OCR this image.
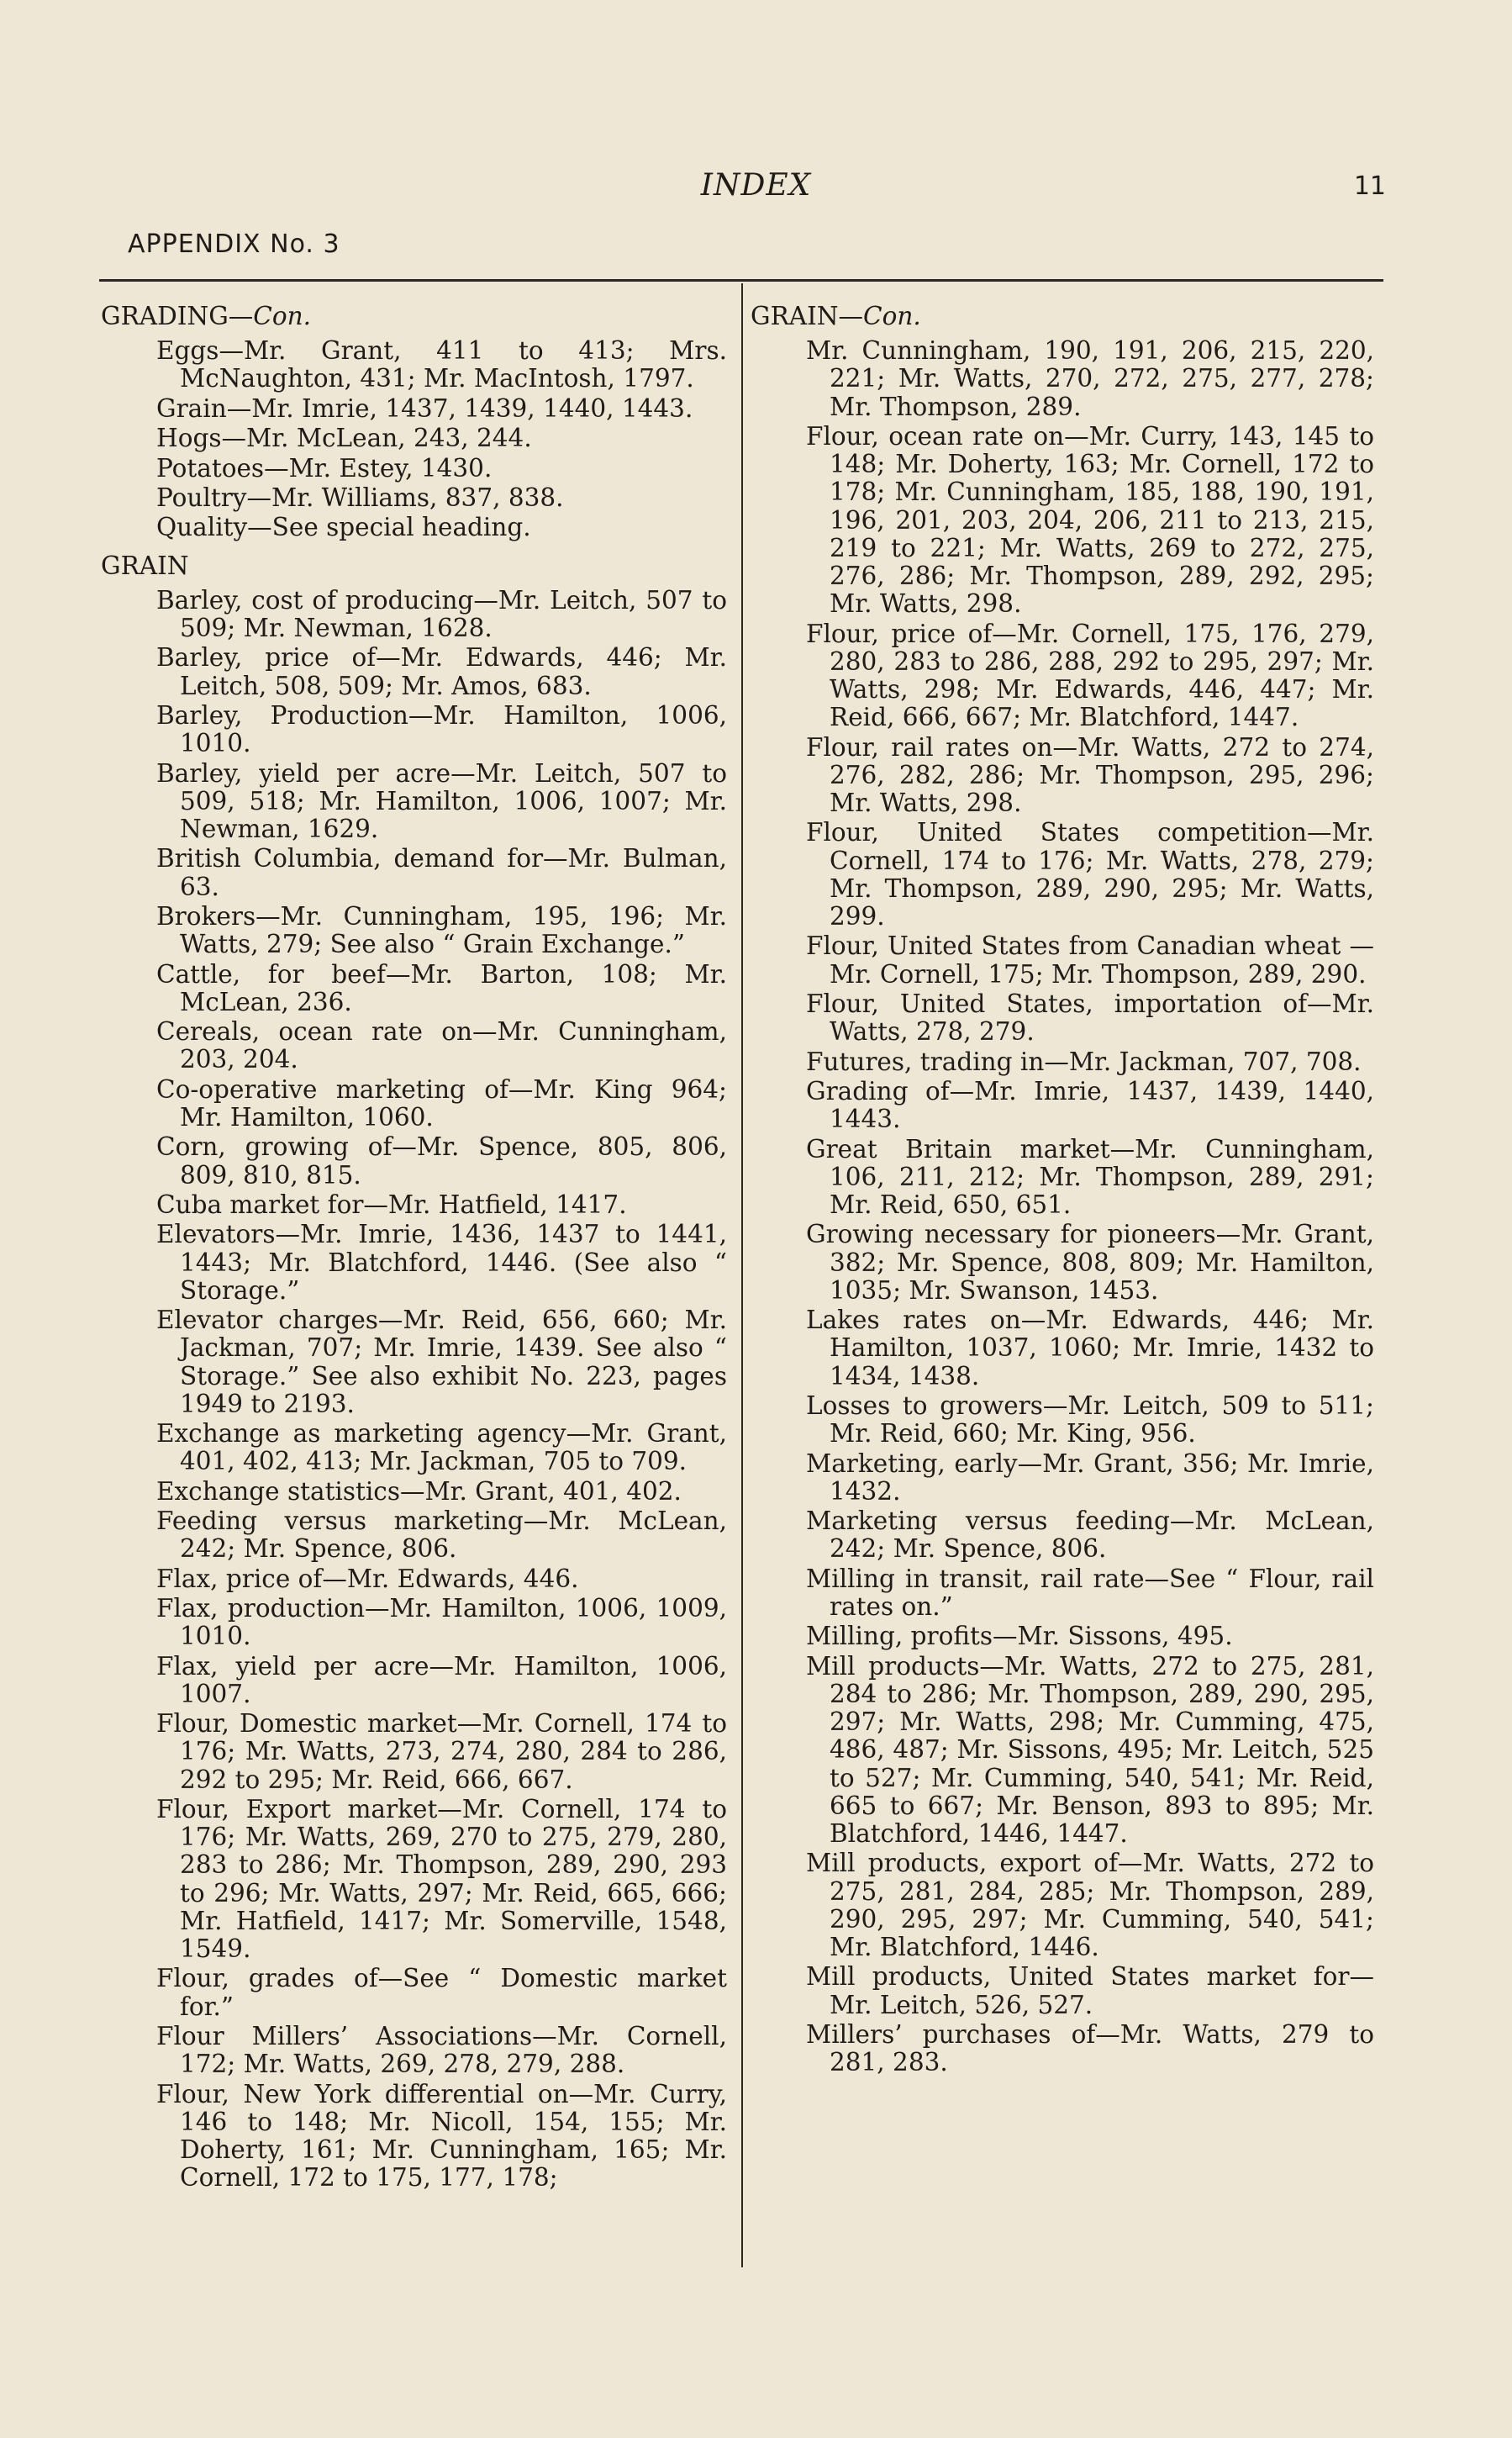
INDEX	11
APPENDIX No. 3
GRADING—Con.

Eggs—Mr. Grant, 411 to 413; Mrs. McNaughton, 431; Mr. MacIntosh, 1797.

Grain—Mr. Imrie, 1437, 1439, 1440, 1443.

Hogs—Mr. McLean, 243, 244.

Potatoes—Mr. Estey, 1430.

Poultry—Mr. Williams, 837, 838.

Quality—See special heading.

GRAIN

Barley, cost of producing—Mr. Leitch, 507 to 509; Mr. Newman, 1628.

Barley, price of—Mr. Edwards, 446; Mr. Leitch, 508, 509; Mr. Amos, 683.

Barley, Production—Mr. Hamilton, 1006, 1010.

Barley, yield per acre—Mr. Leitch, 507 to 509, 518; Mr. Hamilton, 1006, 1007; Mr. Newman, 1629.

British Columbia, demand for—Mr. Bulman, 63.

Brokers—Mr. Cunningham, 195, 196; Mr. Watts, 279; See also “ Grain Exchange.”

Cattle, for beef—Mr. Barton, 108; Mr. McLean, 236.

Cereals, ocean rate on—Mr. Cunningham, 203, 204.

Co-operative marketing of—Mr. King 964; Mr. Hamilton, 1060.

Corn, growing of—Mr. Spence, 805, 806, 809, 810, 815.

Cuba market for—Mr. Hatfield, 1417.

Elevators—Mr. Imrie, 1436, 1437 to 1441, 1443; Mr. Blatchford, 1446. (See also “ Storage.”

Elevator charges—Mr. Reid, 656, 660; Mr. Jackman, 707; Mr. Imrie, 1439. See also “ Storage.” See also exhibit No. 223, pages 1949 to 2193.

Exchange as marketing agency—Mr. Grant, 401, 402, 413; Mr. Jackman, 705 to 709.

Exchange statistics—Mr. Grant, 401, 402.

Feeding versus marketing—Mr. McLean, 242; Mr. Spence, 806.

Flax, price of—Mr. Edwards, 446.

Flax, production—Mr. Hamilton, 1006, 1009, 1010.

Flax, yield per acre—Mr. Hamilton, 1006, 1007.

Flour, Domestic market—Mr. Cornell, 174 to 176; Mr. Watts, 273, 274, 280, 284 to 286, 292 to 295; Mr. Reid, 666, 667.

Flour, Export market—Mr. Cornell, 174 to 176; Mr. Watts, 269, 270 to 275, 279, 280, 283 to 286; Mr. Thompson, 289, 290, 293 to 296; Mr. Watts, 297; Mr. Reid, 665, 666; Mr. Hatfield, 1417; Mr. Somerville, 1548, 1549.

Flour, grades of—See “ Domestic market for.”

Flour Millers’ Associations—Mr. Cornell, 172; Mr. Watts, 269, 278, 279, 288.

Flour, New York differential on—Mr. Curry, 146 to 148; Mr. Nicoll, 154, 155; Mr. Doherty, 161; Mr. Cunningham, 165; Mr. Cornell, 172 to 175, 177, 178;

GRAIN—Con.

Mr. Cunningham, 190, 191, 206, 215, 220, 221; Mr. Watts, 270, 272, 275, 277, 278; Mr. Thompson, 289.

Flour, ocean rate on—Mr. Curry, 143, 145 to 148; Mr. Doherty, 163; Mr. Cornell, 172 to 178; Mr. Cunningham, 185, 188, 190, 191, 196, 201, 203, 204, 206, 211 to 213, 215, 219 to 221; Mr. Watts, 269 to 272, 275, 276, 286; Mr. Thompson, 289, 292, 295; Mr. Watts, 298.

Flour, price of—Mr. Cornell, 175, 176, 279, 280, 283 to 286, 288, 292 to 295, 297; Mr. Watts, 298; Mr. Edwards, 446, 447; Mr. Reid, 666, 667; Mr. Blatchford, 1447.

Flour, rail rates on—Mr. Watts, 272 to 274, 276, 282, 286; Mr. Thompson, 295, 296; Mr. Watts, 298.

Flour, United States competition—Mr. Cornell, 174 to 176; Mr. Watts, 278, 279; Mr. Thompson, 289, 290, 295; Mr. Watts, 299.

Flour, United States from Canadian wheat —Mr. Cornell, 175; Mr. Thompson, 289, 290.

Flour, United States, importation of—Mr. Watts, 278, 279.

Futures, trading in—Mr. Jackman, 707, 708.

Grading of—Mr. Imrie, 1437, 1439, 1440, 1443.

Great Britain market—Mr. Cunningham, 106, 211, 212; Mr. Thompson, 289, 291; Mr. Reid, 650, 651.

Growing necessary for pioneers—Mr. Grant, 382; Mr. Spence, 808, 809; Mr. Hamilton, 1035; Mr. Swanson, 1453.

Lakes rates on—Mr. Edwards, 446; Mr. Hamilton, 1037, 1060; Mr. Imrie, 1432 to 1434, 1438.

Losses to growers—Mr. Leitch, 509 to 511; Mr. Reid, 660; Mr. King, 956.

Marketing, early—Mr. Grant, 356; Mr. Imrie, 1432.

Marketing versus feeding—Mr. McLean, 242; Mr. Spence, 806.

Milling in transit, rail rate—See “ Flour, rail rates on.”

Milling, profits—Mr. Sissons, 495.

Mill products—Mr. Watts, 272 to 275, 281, 284 to 286; Mr. Thompson, 289, 290, 295, 297; Mr. Watts, 298; Mr. Cumming, 475, 486, 487; Mr. Sissons, 495; Mr. Leitch, 525 to 527; Mr. Cumming, 540, 541; Mr. Reid, 665 to 667; Mr. Benson, 893 to 895; Mr. Blatchford, 1446, 1447.

Mill products, export of—Mr. Watts, 272 to 275, 281, 284, 285; Mr. Thompson, 289, 290, 295, 297; Mr. Cumming, 540, 541; Mr. Blatchford, 1446.

Mill products, United States market for— Mr. Leitch, 526, 527.

Millers’ purchases of—Mr. Watts, 279 to 281, 283.
